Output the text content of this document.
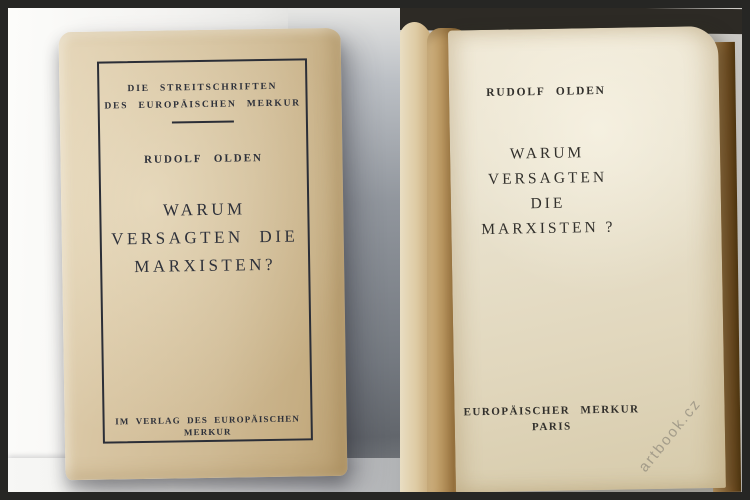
DIE STREITSCHRIFTEN
DES EUROPÄISCHEN MERKUR
RUDOLF OLDEN
WARUM
VERSAGTEN DIE
MARXISTEN?
IM VERLAG DES EUROPÄISCHEN MERKUR
RUDOLF OLDEN
WARUM
VERSAGTEN
DIE
MARXISTEN ?
EUROPÄISCHER MERKUR
PARIS	artbook.cz
